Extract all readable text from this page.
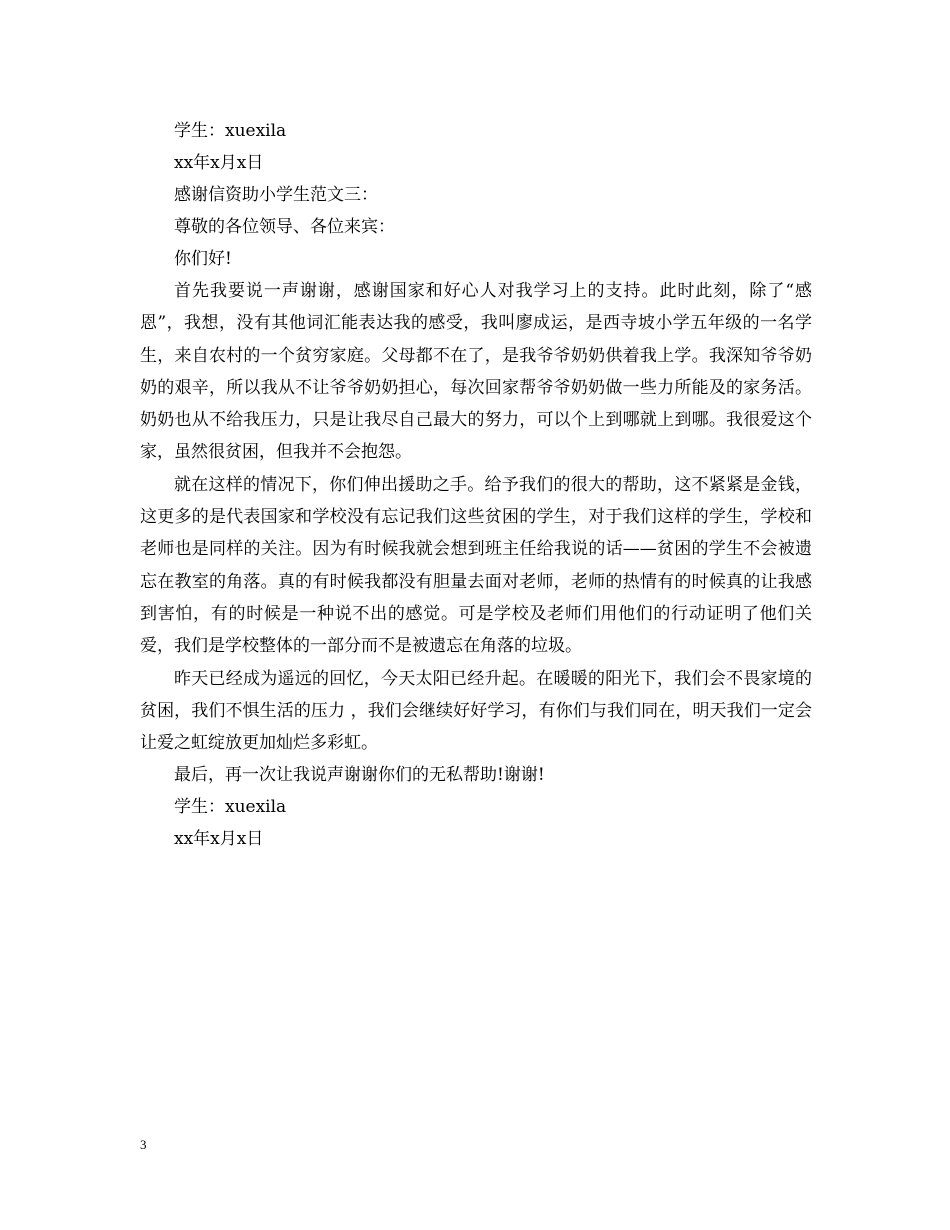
学生：xuexila

xx年x月x日

感谢信资助小学生范文三：

尊敬的各位领导、各位来宾：

你们好!

首先我要说一声谢谢，感谢国家和好心人对我学习上的支持。此时此刻，除了“感恩”，我想，没有其他词汇能表达我的感受，我叫廖成运，是西寺坡小学五年级的一名学生，来自农村的一个贫穷家庭。父母都不在了，是我爷爷奶奶供着我上学。我深知爷爷奶奶的艰辛，所以我从不让爷爷奶奶担心，每次回家帮爷爷奶奶做一些力所能及的家务活。奶奶也从不给我压力，只是让我尽自己最大的努力，可以个上到哪就上到哪。我很爱这个家，虽然很贫困，但我并不会抱怨。

就在这样的情况下，你们伸出援助之手。给予我们的很大的帮助，这不紧紧是金钱，这更多的是代表国家和学校没有忘记我们这些贫困的学生，对于我们这样的学生，学校和老师也是同样的关注。因为有时候我就会想到班主任给我说的话——贫困的学生不会被遗忘在教室的角落。真的有时候我都没有胆量去面对老师，老师的热情有的时候真的让我感到害怕，有的时候是一种说不出的感觉。可是学校及老师们用他们的行动证明了他们关爱，我们是学校整体的一部分而不是被遗忘在角落的垃圾。

昨天已经成为遥远的回忆，今天太阳已经升起。在暖暖的阳光下，我们会不畏家境的贫困，我们不惧生活的压力 ，我们会继续好好学习，有你们与我们同在，明天我们一定会让爱之虹绽放更加灿烂多彩虹。

最后，再一次让我说声谢谢你们的无私帮助!谢谢!

学生：xuexila

xx年x月x日

3
